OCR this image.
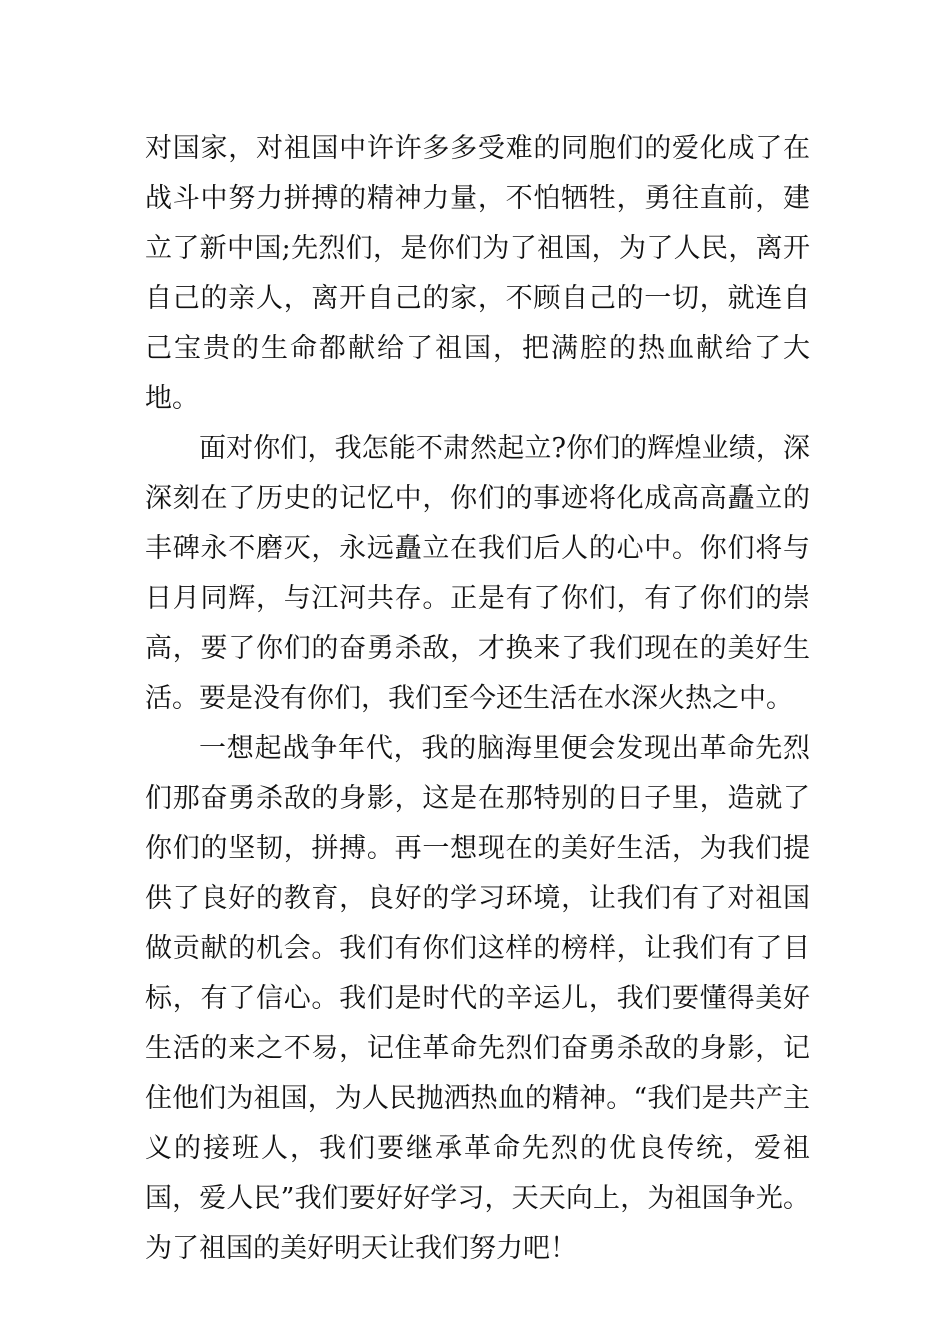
对国家，对祖国中许许多多受难的同胞们的爱化成了在战斗中努力拼搏的精神力量，不怕牺牲，勇往直前，建立了新中国;先烈们，是你们为了祖国，为了人民，离开自己的亲人，离开自己的家，不顾自己的一切，就连自己宝贵的生命都献给了祖国，把满腔的热血献给了大地。

面对你们，我怎能不肃然起立?你们的辉煌业绩，深深刻在了历史的记忆中，你们的事迹将化成高高矗立的丰碑永不磨灭，永远矗立在我们后人的心中。你们将与日月同辉，与江河共存。正是有了你们，有了你们的崇高，要了你们的奋勇杀敌，才换来了我们现在的美好生活。要是没有你们，我们至今还生活在水深火热之中。

一想起战争年代，我的脑海里便会发现出革命先烈们那奋勇杀敌的身影，这是在那特别的日子里，造就了你们的坚韧，拼搏。再一想现在的美好生活，为我们提供了良好的教育，良好的学习环境，让我们有了对祖国做贡献的机会。我们有你们这样的榜样，让我们有了目标，有了信心。我们是时代的辛运儿，我们要懂得美好生活的来之不易，记住革命先烈们奋勇杀敌的身影，记住他们为祖国，为人民抛洒热血的精神。“我们是共产主义的接班人，我们要继承革命先烈的优良传统，爱祖国，爱人民”我们要好好学习，天天向上，为祖国争光。为了祖国的美好明天让我们努力吧！
